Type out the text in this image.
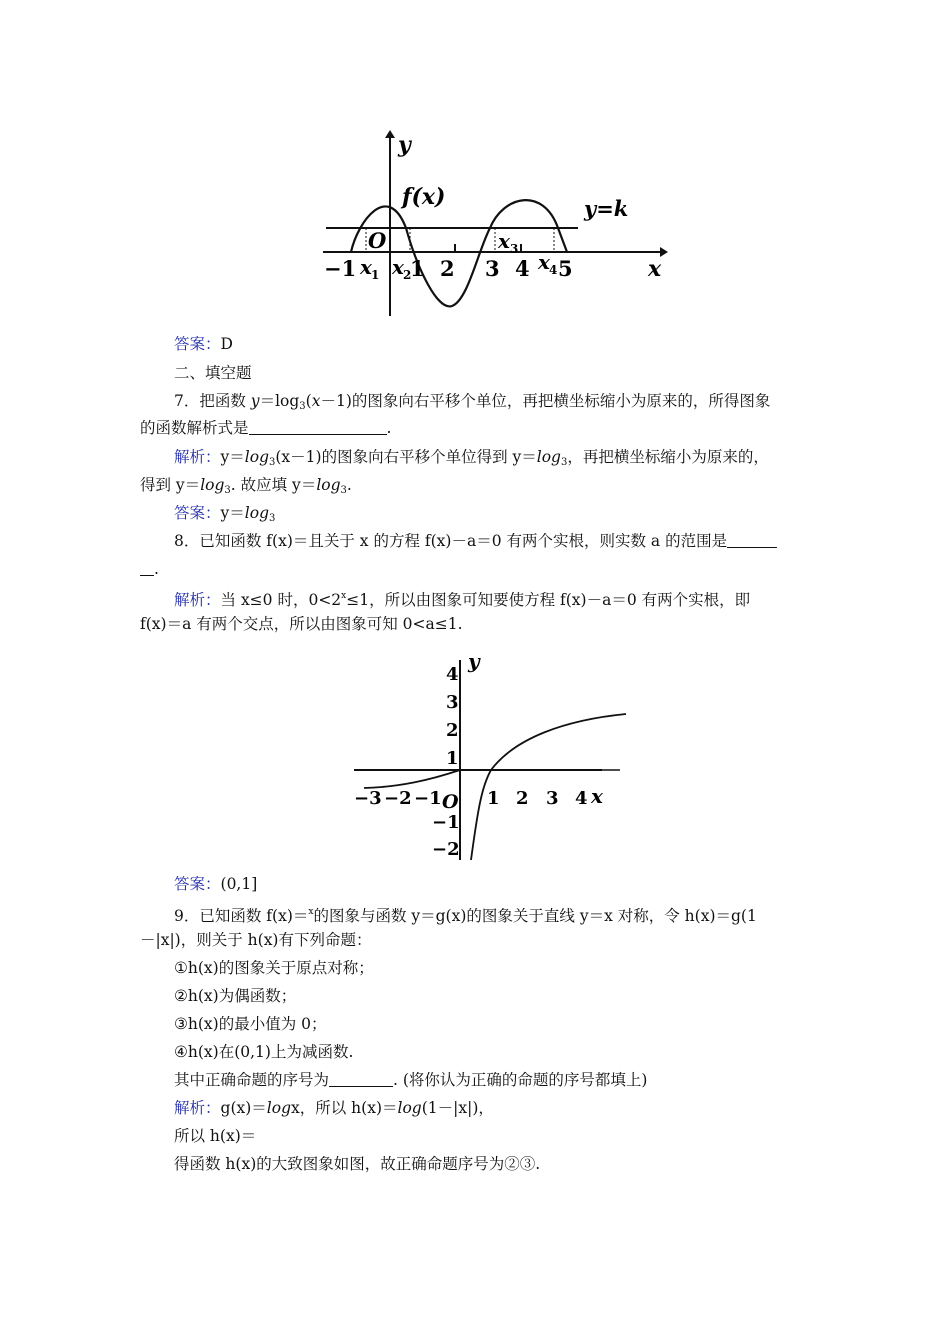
y
x
f(x)	y=k
O
−1 x 1 x 2
1 2
x 3
3 4 x 4 5
答案：D
二、填空题
7．把函数 $y=\log_3(x-1)$的图象向右平移个单位，再把横坐标缩小为原来的，所得图象
的函数解析式是	.
解析：$y=\log_3(x-1)$的图象向右平移个单位得到 $y=\log_3$，再把横坐标缩小为原来的，
得到 $y=\log_3$. 故应填 $y=\log_3$.
答案：$y=\log_3$
8．已知函数 f(x)＝且关于 x 的方程 f(x)－a＝0 有两个实根，则实数 a 的范围是
.
解析：当 x≤0 时，$0<2^x\le 1$，所以由图象可知要使方程 f(x)－a＝0 有两个实根，即
f(x)＝a 有两个交点，所以由图象可知 0<a≤1.
y
x
O
4
3
2
1
−1
−2
−3 −2 −1	1 2 3 4
答案：(0,1]
9．已知函数 f(x)＝$^x$的图象与函数 y＝g(x)的图象关于直线 y＝x 对称，令 h(x)＝g(1
－|x|)，则关于 h(x)有下列命题：
①h(x)的图象关于原点对称；
②h(x)为偶函数；
③h(x)的最小值为 0；
④h(x)在(0,1)上为减函数.
其中正确命题的序号为	. (将你认为正确的命题的序号都填上)
解析：g(x)＝logx，所以 h(x)＝log(1－|x|)，
所以 h(x)＝
得函数 h(x)的大致图象如图，故正确命题序号为②③.
